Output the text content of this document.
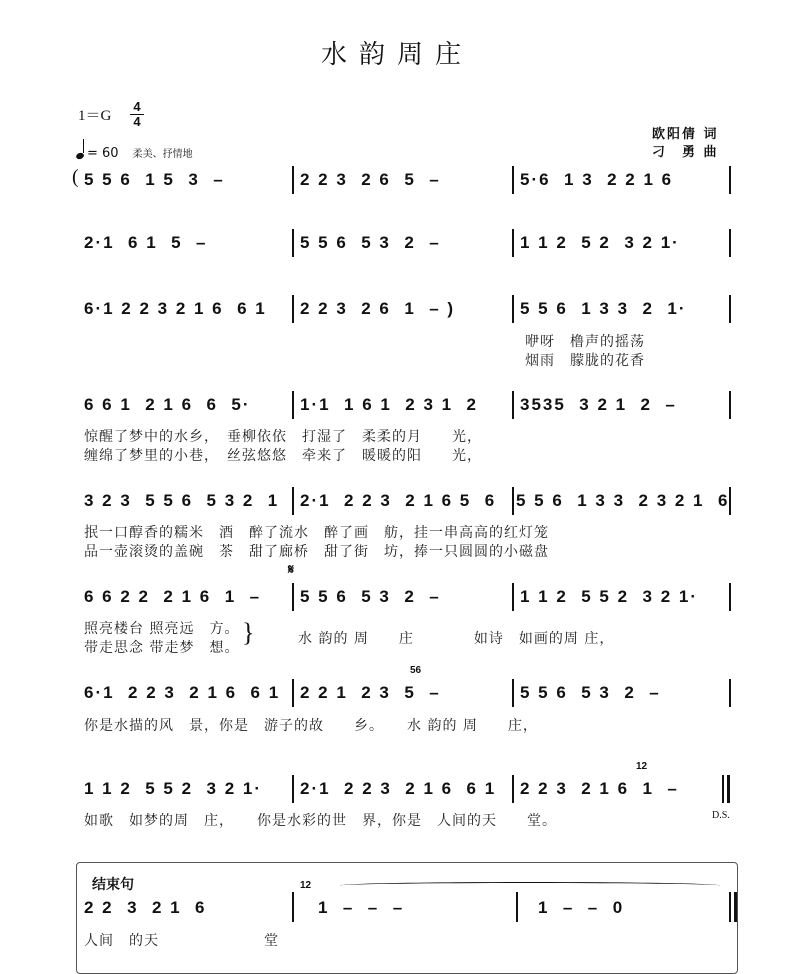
水韵周庄
1＝G
4
4
= 60 柔美、抒情地
欧阳倩 词
刁　勇 曲
( 5 5 6  1 5  3  –	2 2 3  2 6  5  –	5·6  1 3  2 2 1 6
2·1  6 1  5  –	5 5 6  5 3  2  –	1 1 2  5 2  3 2 1·
6·1 2 2 3 2 1 6  6 1 2 2 3  2 6  1  – )	5 5 6  1 3 3  2  1·
咿呀　橹声的摇荡
烟雨　朦胧的花香
6 6 1  2 1 6  6  5·	1·1  1 6 1  2 3 1  2 3535  3 2 1  2  –
惊醒了梦中的水乡，　垂柳依依　打湿了　柔柔的月　　光，
缠绵了梦里的小巷，　丝弦悠悠　牵来了　暖暖的阳　　光，
3 2 3  5 5 6  5 3 2  1 2·1  2 2 3  2 1 6 5  6 5 5 6  1 3 3  2 3 2 1  6
抿一口醇香的糯米　酒　醉了流水　醉了画　舫，挂一串高高的红灯笼
品一壶滚烫的盖碗　茶　甜了廊桥　甜了街　坊，捧一只圆圆的小磁盘
𝄋
6 6 2 2  2 1 6  1  – 5 5 6  5 3  2  –	1 1 2  5 5 2  3 2 1·
照亮楼台 照亮远　方。
带走思念 带走梦　想。
}	水 韵的 周　　庄　　　　如诗　如画的周 庄，
6·1  2 2 3  2 1 6  6 1
56
2 2 1  2 3  5  –	5 5 6  5 3  2  –
你是水描的风　景，你是　游子的故　　乡。　　水 韵的 周　　庄，
1 1 2  5 5 2  3 2 1· 2·1  2 2 3  2 1 6  6 1
12
2 2 3  2 1 6  1  –
如歌　如梦的周　庄，　　你是水彩的世　界，你是　人间的天　　堂。	D.S.
结束句
2 2  3  2 1  6
12
1  –  –  –	1  –  –  0
人间　的天　　　　　　　堂
